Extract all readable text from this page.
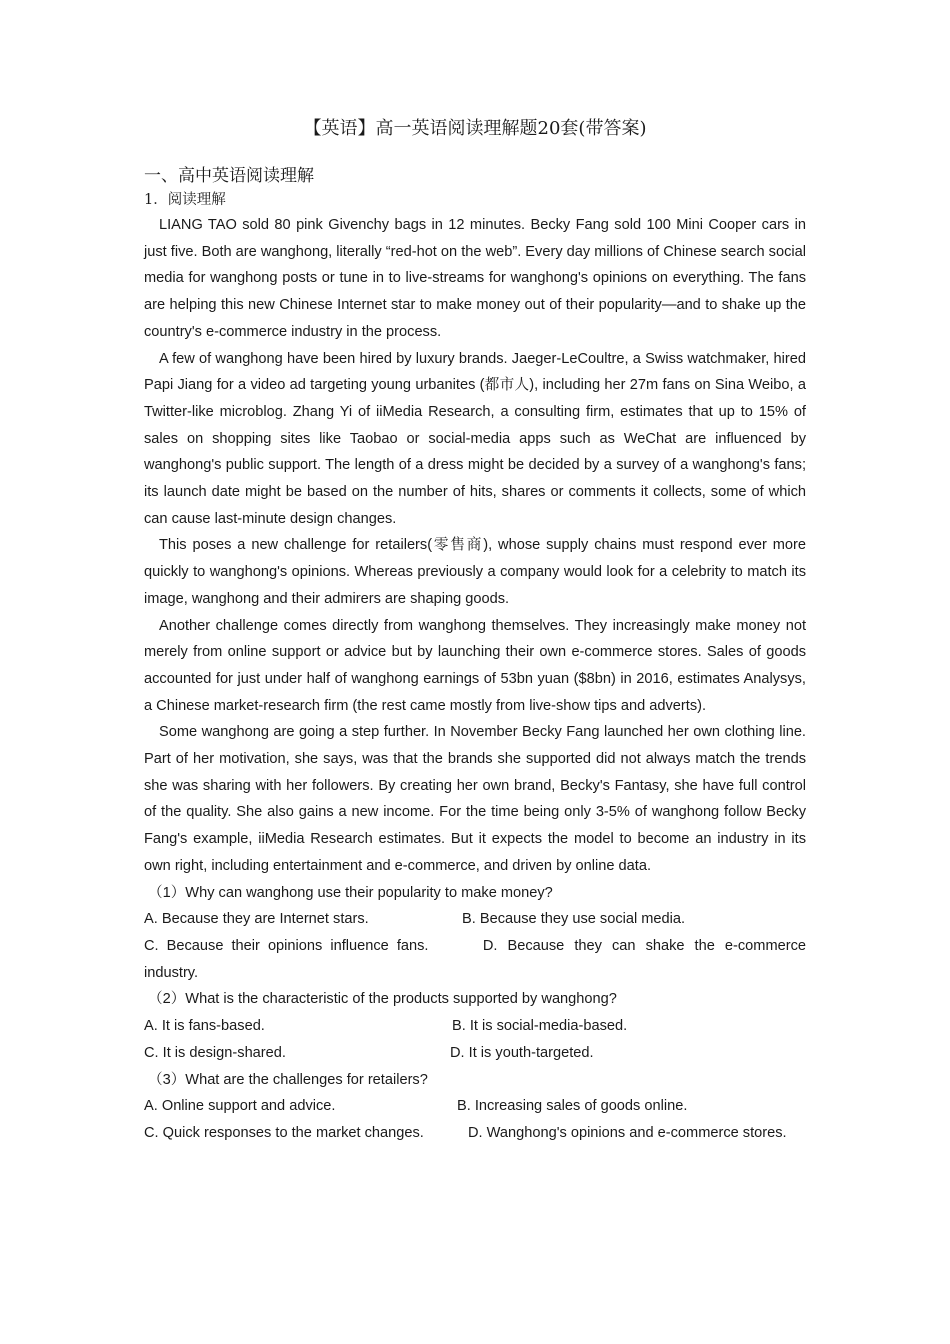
【英语】高一英语阅读理解题20套(带答案)
一、高中英语阅读理解
1．阅读理解

LIANG TAO sold 80 pink Givenchy bags in 12 minutes. Becky Fang sold 100 Mini Cooper cars in just five. Both are wanghong, literally “red-hot on the web”. Every day millions of Chinese search social media for wanghong posts or tune in to live-streams for wanghong's opinions on everything. The fans are helping this new Chinese Internet star to make money out of their popularity—and to shake up the country's e-commerce industry in the process.

A few of wanghong have been hired by luxury brands. Jaeger-LeCoultre, a Swiss watchmaker, hired Papi Jiang for a video ad targeting young urbanites (都市人), including her 27m fans on Sina Weibo, a Twitter-like microblog. Zhang Yi of iiMedia Research, a consulting firm, estimates that up to 15% of sales on shopping sites like Taobao or social-media apps such as WeChat are influenced by wanghong's public support. The length of a dress might be decided by a survey of a wanghong's fans; its launch date might be based on the number of hits, shares or comments it collects, some of which can cause last-minute design changes.

This poses a new challenge for retailers(零售商), whose supply chains must respond ever more quickly to wanghong's opinions. Whereas previously a company would look for a celebrity to match its image, wanghong and their admirers are shaping goods.

Another challenge comes directly from wanghong themselves. They increasingly make money not merely from online support or advice but by launching their own e-commerce stores. Sales of goods accounted for just under half of wanghong earnings of 53bn yuan ($8bn) in 2016, estimates Analysys, a Chinese market-research firm (the rest came mostly from live-show tips and adverts).

Some wanghong are going a step further. In November Becky Fang launched her own clothing line. Part of her motivation, she says, was that the brands she supported did not always match the trends she was sharing with her followers. By creating her own brand, Becky's Fantasy, she have full control of the quality. She also gains a new income. For the time being only 3-5% of wanghong follow Becky Fang's example, iiMedia Research estimates. But it expects the model to become an industry in its own right, including entertainment and e-commerce, and driven by online data.

（1）Why can wanghong use their popularity to make money?
A. Because they are Internet stars.	B. Because they use social media.
C. Because their opinions influence fans.	D. Because they can shake the e-commerce
industry.
（2）What is the characteristic of the products supported by wanghong?
A. It is fans-based.	B. It is social-media-based.
C. It is design-shared.	D. It is youth-targeted.
（3）What are the challenges for retailers?
A. Online support and advice.	B. Increasing sales of goods online.
C. Quick responses to the market changes.	D. Wanghong's opinions and e-commerce stores.
